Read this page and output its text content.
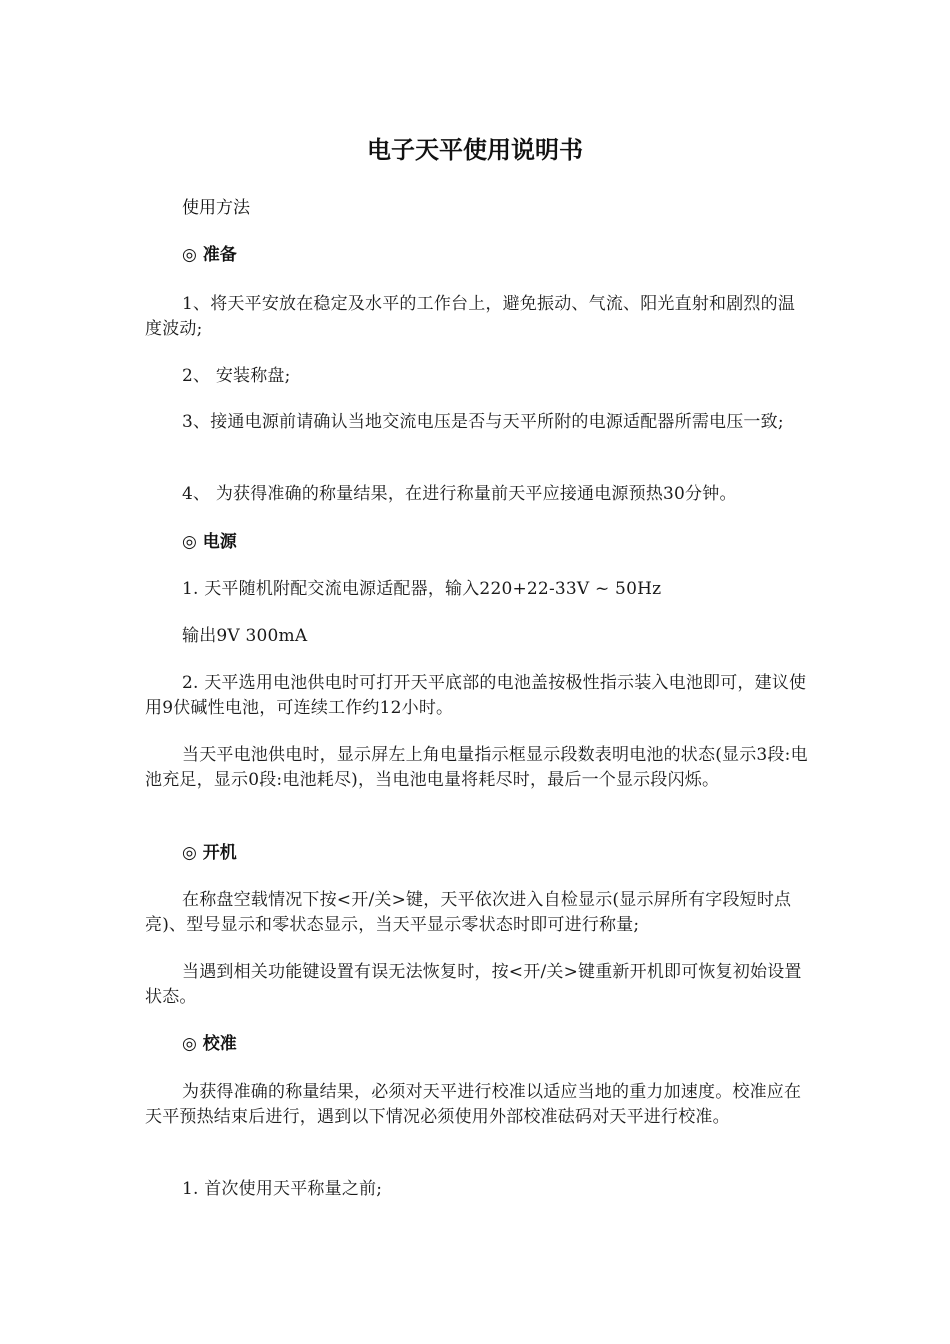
电子天平使用说明书
使用方法
◎ 准备
1、将天平安放在稳定及水平的工作台上，避免振动、气流、阳光直射和剧烈的温度波动;
2、 安装称盘;
3、接通电源前请确认当地交流电压是否与天平所附的电源适配器所需电压一致;
4、 为获得准确的称量结果，在进行称量前天平应接通电源预热30分钟。
◎ 电源
1. 天平随机附配交流电源适配器，输入220+22-33V ~ 50Hz
输出9V 300mA
2. 天平选用电池供电时可打开天平底部的电池盖按极性指示装入电池即可，建议使用9伏碱性电池，可连续工作约12小时。
当天平电池供电时，显示屏左上角电量指示框显示段数表明电池的状态(显示3段:电池充足，显示0段:电池耗尽)，当电池电量将耗尽时，最后一个显示段闪烁。
◎ 开机
在称盘空载情况下按<开/关>键，天平依次进入自检显示(显示屏所有字段短时点亮)、型号显示和零状态显示，当天平显示零状态时即可进行称量;
当遇到相关功能键设置有误无法恢复时，按<开/关>键重新开机即可恢复初始设置状态。
◎ 校准
为获得准确的称量结果，必须对天平进行校准以适应当地的重力加速度。校准应在天平预热结束后进行，遇到以下情况必须使用外部校准砝码对天平进行校准。
1. 首次使用天平称量之前;
